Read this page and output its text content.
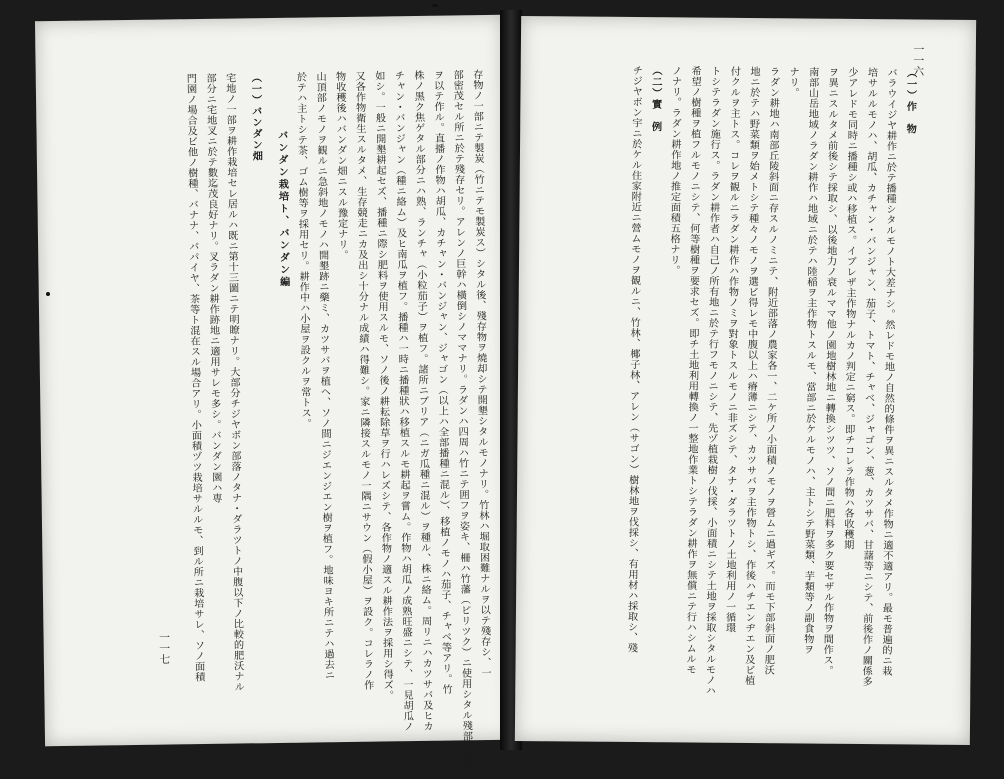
存物ノ一部ニテ製炭（竹ニテモ製炭ス）シタル後、殘存物ヲ燒却シテ開墾シタルモノナリ。竹林ハ堀取困難ナルヲ以テ殘存シ、一
部密茂セル所ニ於テ殘存セリ。アレンノ巨幹ハ橫倒シノママナリ。ラダンハ四周ハ竹ニテ囲フヲ姿キ、柵ハ竹藩（ピリツク）ニ使用シタル殘部、身竹
ヲ以テ作ル。直播ノ作物ハ胡瓜、カチャン・バンジャン、ジャゴン（以上ハ全部播種ニ混ル）、移植ノモノハ茄子、チャベ等アリ。竹
株ノ黑ク焦ゲタル部分ニハ熟、ランチャ（小粒茄子）ヲ植フ。諸所ニブリア（ニガ瓜種ニ混ル）ヲ種ル、株ニ絡ム。周リニハカツサバ及ヒカ
チャン・バンジャン（種ニ絡ム）及ヒ南瓜ヲ植フ。播種ハ一時ニ播種狀ハ移植スルモ耕起ヲ嘗ム。作物ハ胡瓜ノ成熟旺盛ニシテ、一見胡瓜ノ
如シ。一般ニ開墾耕起セズ、播種ニ際シ肥料ヲ使用スルモ、ソノ後ノ耕耘除草ヲ行ハレズシテ、各作物ノ適スル耕作法ヲ採用シ得ズ。
又各作物衛生スルタメ、生存競走ニカ及出シ十分ナル成績ハ得難シ。家ニ隣接スルモノ一隅ニサウン（假小屋）ヲ設ク。コレラノ作
物收穫後ハバンダン畑ニスル豫定ナリ。
山頂部ノモノヲ観ルニ急斜地ノモノハ開墾跡ニ藥ミ、カツサバヲ植ヘ、ソノ間ニジエンジエン樹ヲ植フ。地味ヨキ所ニテハ過去ニ
於テハ主トシテ茶、ゴム樹等ヲ採用セリ。耕作中ハ小屋ヲ設クルヲ常トス。
バンダン栽培ト、バンダン編
（一）バンダン畑
宅地ノ一部ヲ耕作栽培セレ居ルハ既ニ第十三圖ニテ明瞭ナリ。大部分チジヤボン部落ノタナ・ダラツトノ中腹以下ノ比較的肥沃ナル
部分ニ宅地叉ニ於テ數迄茂良好ナリ。叉ラダン耕作跡地ニ適用サレモ多シ。バンダン園ハ専
門園ノ場合及ビ他ノ樹種、バナナ、パパイヤ、茶等ト混在スル場合アリ。小面積ヅツ栽培サルルモ、到ル所ニ栽培サレ、ソノ面積
一一七
一一六
（一）作　物
バラウイジヤ耕作ニ於テ播種シタルモノト大差ナシ。然レドモ地ノ自然的條件ヲ異ニスルタメ作物ニ適不適アリ。最モ普遍的ニ栽
培サルルモノハ、胡瓜、カチャン・バンジャン、茄子、トマト、チャベ、ジャゴン、葱、カツサバ、甘藷等ニシテ、前後作ノ關係多
少アレドモ同時ニ播種シ或ハ移植ス。イブレザ主作物ナルカノ判定ニ窮ス。即チコレラ作物ハ各收穫期
ヲ異ニスルタメ前後シテ採取シ、以後地力ノ衰ルママ他ノ園地樹林地ニ轉換シツツ、ソノ間ニ肥料ヲ多ク要セザル作物ヲ間作ス。
南部山岳地域ノラダン耕作ハ地域ニ於テハ陸稲ヲ主作物トスルモ、當部ニ於ケルモノハ、主トシテ野菜類、芋類等ノ副食物ヲ
ナリ。
ラダン耕地ハ南部丘陵斜面ニ存スルノミニテ、附近部落ノ農家各一、二ケ所ノ小面積ノモノヲ營ムニ過ギズ。而モ下部斜面ノ肥沃
地ニ於テハ野菜類ヲ始メトシテ種々ノモノヲ選ビ得レモ中腹以上ハ瘠薄ニシテ、カツサバヲ主作物トシ、作後ハチエンヂエン及ビ植
付クルヲ主トス。コレヲ観ルニラダン耕作ハ作物ノミヲ對象トスルモノニ非ズシテ、タナ・ダラツトノ土地利用ノ一循環
トシテラダン施行ス。ラダン耕作者ハ自己ノ所有地ニ於テ行フモノニシテ、先ヅ植栽樹ノ伐採、小面積ニシテ土地ヲ採取シタルモノハ
希望ノ樹種ヲ植フルモノニシテ、何等樹種ヲ要求セズ。即チ土地利用轉換ノ一整地作業トシテラダン耕作ヲ無償ニテ行ハシムルモ
ノナリ。ラダン耕作地ノ推定面積五格ナリ。
（二）實　例
チジヤボン宇ニ於ケル住家附近ニ營ムモノヲ観ルニ、竹林、椰子林、アレン（サゴン）樹林地ヲ伐採シ、有用材ハ採取シ、殘
